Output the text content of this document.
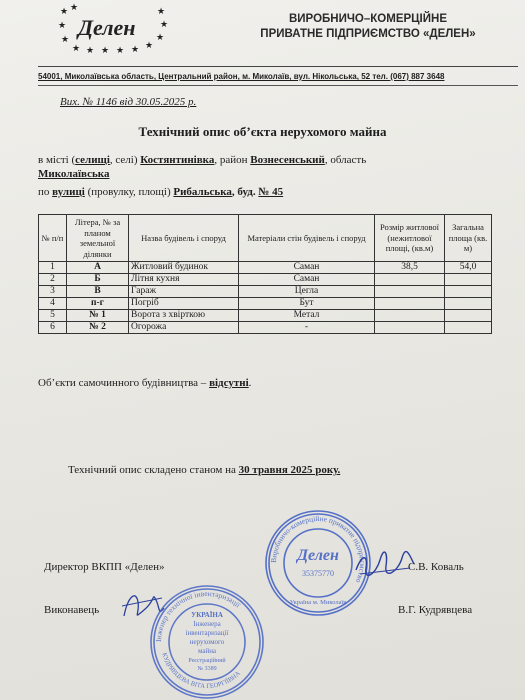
★
★
★
★ ★ ★ ★ ★ ★
★
★
★
★
Делен	ВИРОБНИЧО–КОМЕРЦІЙНЕ
ПРИВАТНЕ ПІДПРИЄМСТВО «ДЕЛЕН»
54001, Миколаївська область, Центральний район, м. Миколаїв, вул. Нікольська, 52 тел. (067) 887 3648
Вих. № 1146 від 30.05.2025 р.
Технічний опис об’єкта нерухомого майна
в місті (селищі, селі) Костянтинівка, район Вознесенський, область
Миколаївська
по вулиці (провулку, площі) Рибальська, буд. № 45
№ п/п	Літера, № за планом земельної ділянки	Назва будівель і споруд	Матеріали стін будівель і споруд	Розмір житлової (нежитлової площі, (кв.м)	Загальна площа (кв. м)
1	А	Житловий будинок	Саман	38,5	54,0
2	Б	Літня кухня	Саман		
3	В	Гараж	Цегла		
4	п-г	Погріб	Бут		
5	№ 1	Ворота з хвірткою	Метал		
6	№ 2	Огорожа	-		
Об’єкти самочинного будівництва – відсутні.
Технічний опис складено станом на 30 травня 2025 року.
Виробничо-комерційне приватне підприємство
Делен
35375770
Україна м. Миколаїв
Директор ВКПП «Делен»	С.В. Коваль
Виконавець	В.Г. Кудрявцева
Інженер технічної інвентаризації
КУДРЯВЦЕВА ВІТА ГЕОРГІЇВНА
УКРАЇНА
Інженера
інвентаризації
нерухомого
майна
Реєстраційний
№ 3389
